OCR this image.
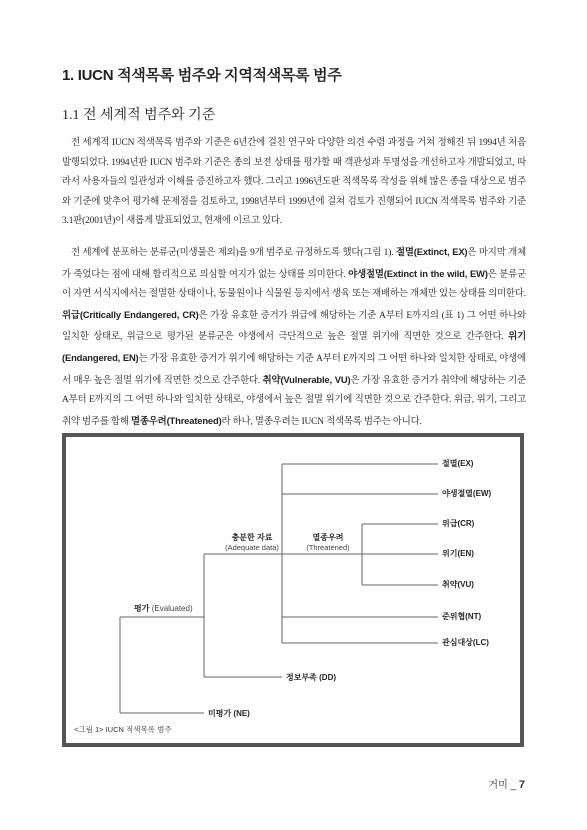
1. IUCN 적색목록 범주와 지역적색목록 범주
1.1 전 세계적 범주와 기준

전 세계적 IUCN 적색목록 범주와 기준은 6년간에 걸친 연구와 다양한 의견 수렴 과정을 거쳐 정해진 뒤 1994년 처음 발행되었다. 1994년판 IUCN 범주와 기준은 종의 보전 상태를 평가할 때 객관성과 투명성을 개선하고자 개발되었고, 따라서 사용자들의 일관성과 이해를 증진하고자 했다. 그리고 1996년도판 적색목록 작성을 위해 많은 종을 대상으로 범주와 기준에 맞추어 평가해 문제점을 검토하고, 1998년부터 1999년에 걸쳐 검토가 진행되어 IUCN 적색목록 범주와 기준 3.1판(2001년)이 새롭게 발표되었고, 현재에 이르고 있다.

전 세계에 분포하는 분류군(미생물은 제외)을 9개 범주로 규정하도록 했다(그림 1). 절멸(Extinct, EX)은 마지막 개체가 죽었다는 점에 대해 합리적으로 의심할 여지가 없는 상태를 의미한다. 야생절멸(Extinct in the wild, EW)은 분류군이 자연 서식지에서는 절멸한 상태이나, 동물원이나 식물원 등지에서 생육 또는 재배하는 개체만 있는 상태를 의미한다. 위급(Critically Endangered, CR)은 가장 유효한 증거가 위급에 해당하는 기준 A부터 E까지의 (표 1) 그 어떤 하나와 일치한 상태로, 위급으로 평가된 분류군은 야생에서 극단적으로 높은 절멸 위기에 직면한 것으로 간주한다. 위기(Endangered, EN)는 가장 유효한 증거가 위기에 해당하는 기준 A부터 E까지의 그 어떤 하나와 일치한 상태로, 야생에서 매우 높은 절멸 위기에 직면한 것으로 간주한다. 취약(Vulnerable, VU)은 가장 유효한 증거가 취약에 해당하는 기준 A부터 E까지의 그 어떤 하나와 일치한 상태로, 야생에서 높은 절멸 위기에 직면한 것으로 간주한다. 위급, 위기, 그리고 취약 범주를 합해 멸종우려(Threatened)라 하나, 멸종우려는 IUCN 적색목록 범주는 아니다.

절멸(EX)
야생절멸(EW)
위급(CR)
위기(EN)
취약(VU)
준위협(NT)
관심대상(LC)
정보부족 (DD)
미평가 (NE)
평가 (Evaluated)
충분한 자료
(Adequate data)
멸종우려
(Threatened)
<그림 1> IUCN 적색목록 범주
거미 _ 7
